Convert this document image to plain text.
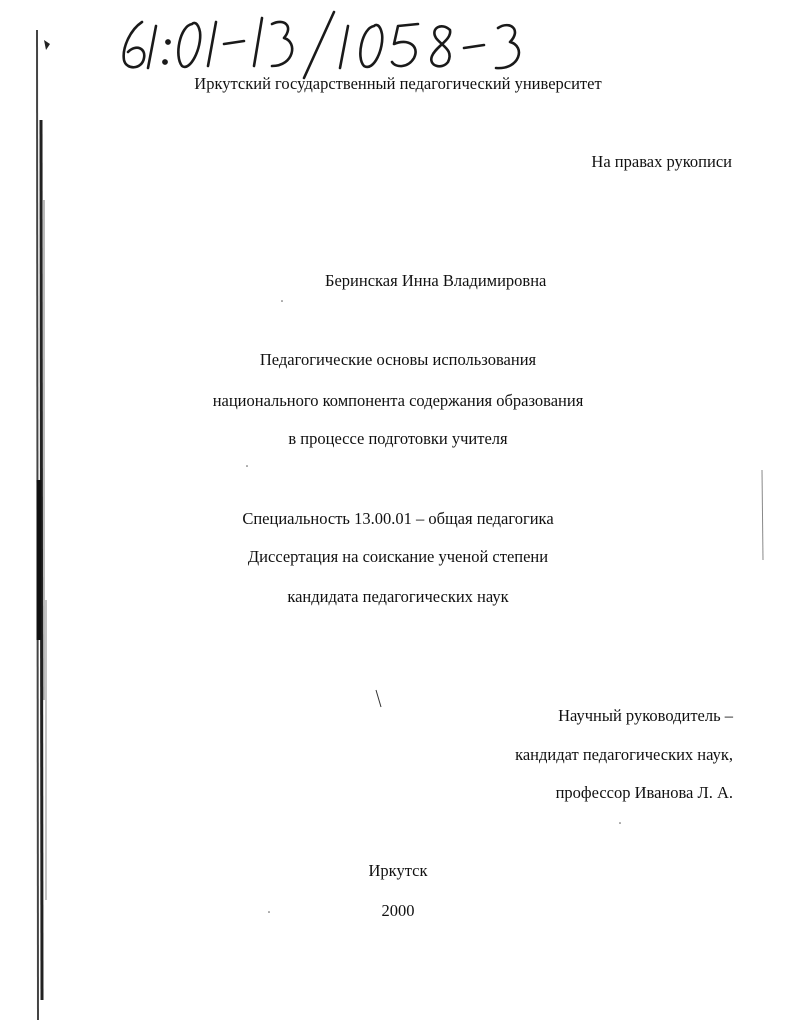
Иркутский государственный педагогический университет
На правах рукописи
Беринская Инна Владимировна
Педагогические основы использования
национального компонента содержания образования
в процессе подготовки учителя
Специальность 13.00.01 – общая педагогика
Диссертация на соискание ученой степени
кандидата педагогических наук
Научный руководитель –
кандидат педагогических наук,
профессор Иванова Л. А.
Иркутск
2000
